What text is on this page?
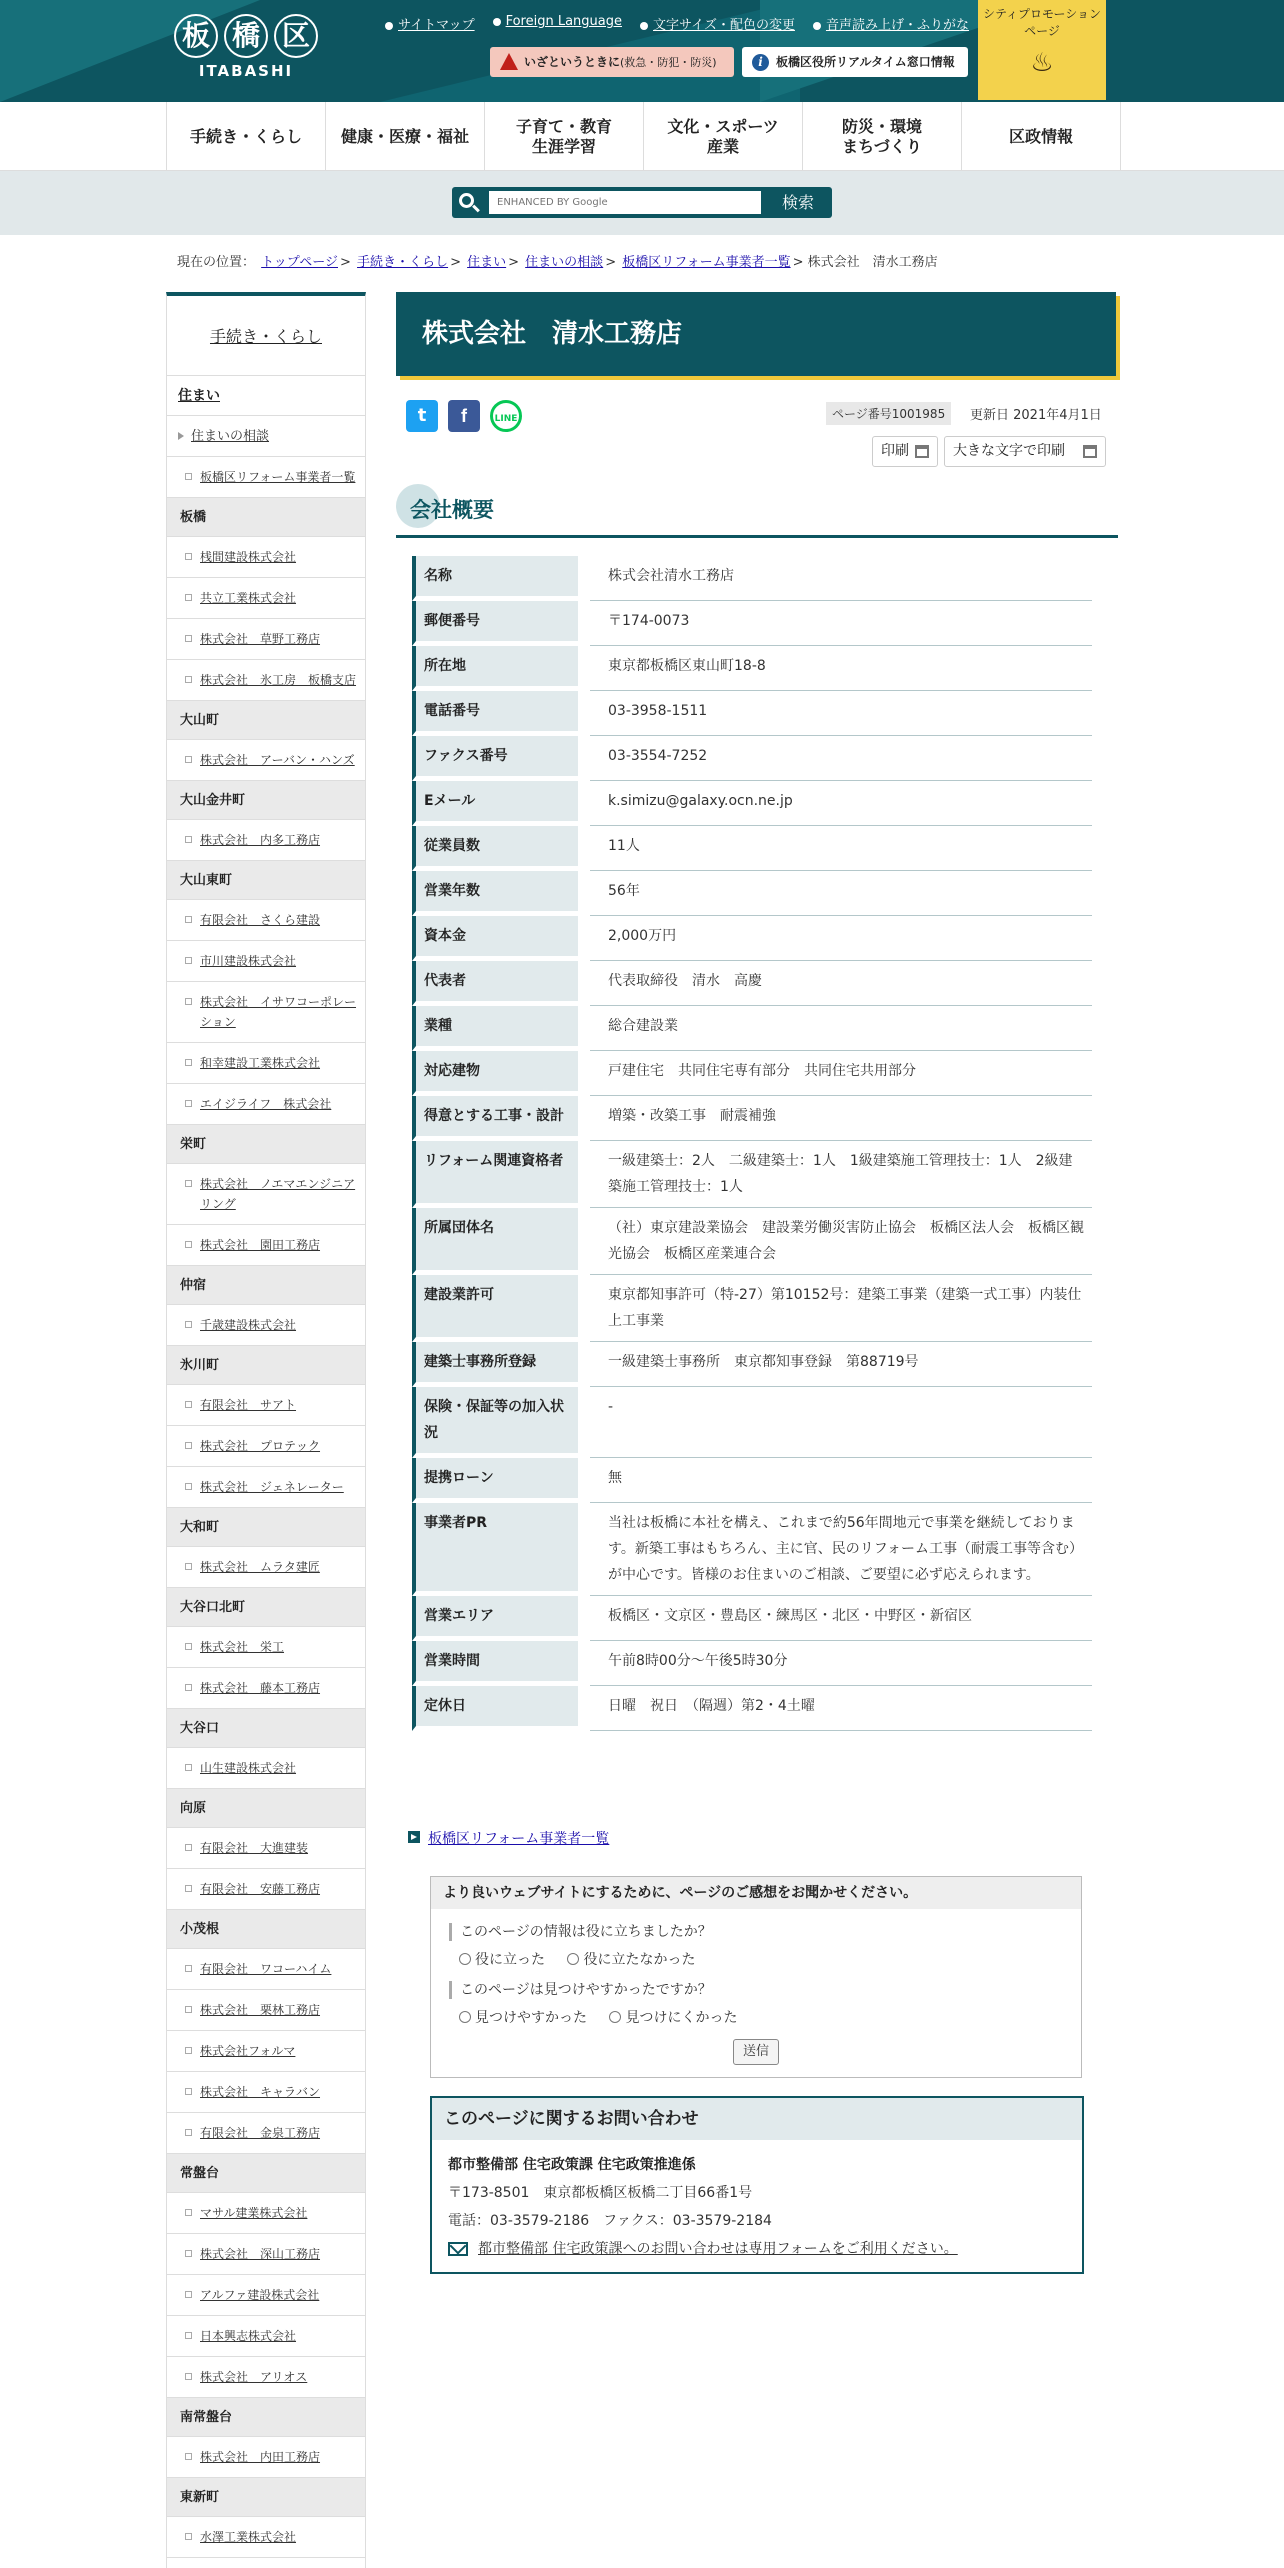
板 橋 区
ITABASHI
サイトマップ	Foreign Language	文字サイズ・配色の変更	音声読み上げ・ふりがな
いざというときに(救急・防犯・防災)	i	板橋区役所リアルタイム窓口情報
シティプロモーション
ページ
♨
手続き・くらし	健康・医療・福祉
子育て・教育
生涯学習
文化・スポーツ
産業
防災・環境
まちづくり
区政情報
ENHANCED BY Google
検索
現在の位置： トップページ > 手続き・くらし > 住まい > 住まいの相談 > 板橋区リフォーム事業者一覧 > 株式会社　清水工務店
手続き・くらし
住まい
住まいの相談
板橋区リフォーム事業者一覧
板橋
桟間建設株式会社
共立工業株式会社
株式会社　草野工務店
株式会社　氷工房　板橋支店
大山町
株式会社　アーバン・ハンズ
大山金井町
株式会社　内多工務店
大山東町
有限会社　さくら建設
市川建設株式会社
株式会社　イサワコーポレーション
和幸建設工業株式会社
エイジライフ　株式会社
栄町
株式会社　ノエマエンジニアリング
株式会社　園田工務店
仲宿
千歳建設株式会社
氷川町
有限会社　サアト
株式会社　プロテック
株式会社　ジェネレーター
大和町
株式会社　ムラタ建匠
大谷口北町
株式会社　栄工
株式会社　藤本工務店
大谷口
山生建設株式会社
向原
有限会社　大進建装
有限会社　安藤工務店
小茂根
有限会社　ワコーハイム
株式会社　栗林工務店
株式会社フォルマ
株式会社　キャラバン
有限会社　金泉工務店
常盤台
マサル建業株式会社
株式会社　深山工務店
アルファ建設株式会社
日本興志株式会社
株式会社　アリオス
南常盤台
株式会社　内田工務店
東新町
水澤工業株式会社
株式会社　清水工務店
t	f	LINE	ページ番号1001985	更新日 2021年4月1日
印刷	大きな文字で印刷
会社概要
名称		株式会社清水工務店
郵便番号		〒174-0073
所在地		東京都板橋区東山町18-8
電話番号		03-3958-1511
ファクス番号		03-3554-7252
Eメール		k.simizu@galaxy.ocn.ne.jp
従業員数		11人
営業年数		56年
資本金		2,000万円
代表者		代表取締役　清水　高慶
業種		総合建設業
対応建物		戸建住宅　共同住宅専有部分　共同住宅共用部分
得意とする工事・設計		増築・改築工事　耐震補強
リフォーム関連資格者		一級建築士：2人　二級建築士：1人　1級建築施工管理技士：1人　2級建築施工管理技士：1人
所属団体名		（社）東京建設業協会　建設業労働災害防止協会　板橋区法人会　板橋区観光協会　板橋区産業連合会
建設業許可		東京都知事許可（特-27）第10152号：建築工事業（建築一式工事）内装仕上工事業
建築士事務所登録		一級建築士事務所　東京都知事登録　第88719号
保険・保証等の加入状況		-
提携ローン		無
事業者PR		当社は板橋に本社を構え、これまで約56年間地元で事業を継続しております。新築工事はもちろん、主に官、民のリフォーム工事（耐震工事等含む）が中心です。皆様のお住まいのご相談、ご要望に必ず応えられます。
営業エリア		板橋区・文京区・豊島区・練馬区・北区・中野区・新宿区
営業時間		午前8時00分～午後5時30分
定休日		日曜　祝日　（隔週）第2・4土曜
板橋区リフォーム事業者一覧
より良いウェブサイトにするために、ページのご感想をお聞かせください。
このページの情報は役に立ちましたか？
役に立った	役に立たなかった
このページは見つけやすかったですか？
見つけやすかった	見つけにくかった
送信
このページに関するお問い合わせ
都市整備部 住宅政策課 住宅政策推進係
〒173-8501　東京都板橋区板橋二丁目66番1号
電話：03-3579-2186　ファクス：03-3579-2184
都市整備部 住宅政策課へのお問い合わせは専用フォームをご利用ください。
